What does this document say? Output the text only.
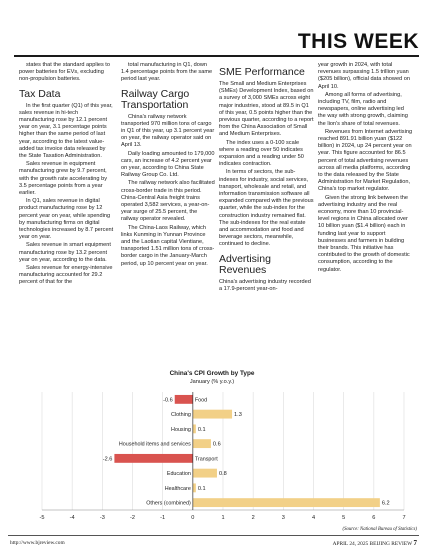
THIS WEEK

states that the standard applies to power batteries for EVs, excluding non-propulsion batteries.

Tax Data

In the first quarter (Q1) of this year, sales revenue in hi-tech manufacturing rose by 12.1 percent year on year, 3.1 percentage points higher than the same period of last year, according to the latest value-added tax invoice data released by the State Taxation Administration.

Sales revenue in equipment manufacturing grew by 9.7 percent, with the growth rate accelerating by 3.5 percentage points from a year earlier.

In Q1, sales revenue in digital product manufacturing rose by 12 percent year on year, while spending by manufacturing firms on digital technologies increased by 8.7 percent year on year.

Sales revenue in smart equipment manufacturing rose by 13.2 percent year on year, according to the data.

Sales revenue for energy-intensive manufacturing accounted for 29.2 percent of that for the

total manufacturing in Q1, down 1.4 percentage points from the same period last year.

Railway Cargo Transportation

China's railway network transported 970 million tons of cargo in Q1 of this year, up 3.1 percent year on year, the railway operator said on April 13.

Daily loading amounted to 179,000 cars, an increase of 4.2 percent year on year, according to China State Railway Group Co. Ltd.

The railway network also facilitated cross-border trade in this period. China-Central Asia freight trains operated 3,582 services, a year-on-year surge of 25.5 percent, the railway operator revealed.

The China-Laos Railway, which links Kunming in Yunnan Province and the Laotian capital Vientiane, transported 1.51 million tons of cross-border cargo in the January-March period, up 10 percent year on year.

SME Performance

The Small and Medium Enterprises (SMEs) Development Index, based on a survey of 3,000 SMEs across eight major industries, stood at 89.5 in Q1 of this year, 0.5 points higher than the previous quarter, according to a report from the China Association of Small and Medium Enterprises.

The index uses a 0-100 scale where a reading over 50 indicates expansion and a reading under 50 indicates contraction.

In terms of sectors, the sub-indexes for industry, social services, transport, wholesale and retail, and information transmission software all expanded compared with the previous quarter, while the sub-index for the construction industry remained flat. The sub-indexes for the real estate and accommodation and food and beverage sectors, meanwhile, continued to decline.

Advertising Revenues

China's advertising industry recorded a 17.9-percent year-on-

year growth in 2024, with total revenues surpassing 1.5 trillion yuan ($205 billion), official data showed on April 10.

Among all forms of advertising, including TV, film, radio and newspapers, online advertising led the way with strong growth, claiming the lion's share of total revenues.

Revenues from Internet advertising reached 891.91 billion yuan ($122 billion) in 2024, up 24 percent year on year. This figure accounted for 86.5 percent of total advertising revenues across all media platforms, according to the data released by the State Administration for Market Regulation, China's top market regulator.

Given the strong link between the advertising industry and the real economy, more than 10 provincial-level regions in China allocated over 10 billion yuan ($1.4 billion) each in funding last year to support businesses and farmers in building their brands. This initiative has contributed to the growth of domestic consumption, according to the regulator.

China's CPI Growth by Type
January (% y.o.y.)
-5	-4	-3	-2	-1	0	1	2	3	4	5	6	7
Food
-0.6
Clothing	1.3
Housing 0.1
Household items and services	0.6
Transport
-2.6
Education	0.8
Healthcare 0.1
Others (combined)	6.2
(Source: National Bureau of Statistics)
http://www.bjreview.com	APRIL 24, 2025 BEIJING REVIEW 7
